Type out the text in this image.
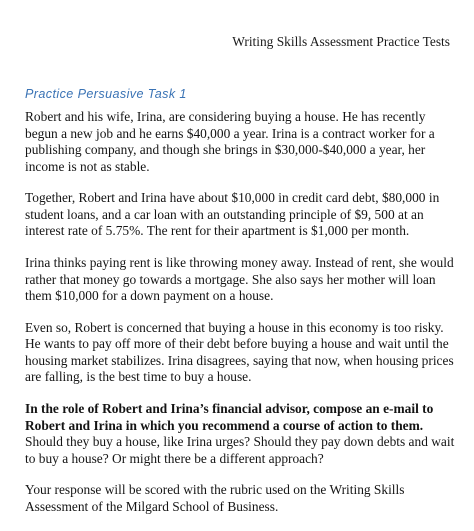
Writing Skills Assessment Practice Tests
Practice Persuasive Task 1

Robert and his wife, Irina, are considering buying a house. He has recently begun a new job and he earns $40,000 a year. Irina is a contract worker for a publishing company, and though she brings in $30,000-$40,000 a year, her income is not as stable.

Together, Robert and Irina have about $10,000 in credit card debt, $80,000 in student loans, and a car loan with an outstanding principle of $9, 500 at an interest rate of 5.75%. The rent for their apartment is $1,000 per month.

Irina thinks paying rent is like throwing money away. Instead of rent, she would rather that money go towards a mortgage. She also says her mother will loan them $10,000 for a down payment on a house.

Even so, Robert is concerned that buying a house in this economy is too risky. He wants to pay off more of their debt before buying a house and wait until the housing market stabilizes. Irina disagrees, saying that now, when housing prices are falling, is the best time to buy a house.

In the role of Robert and Irina’s financial advisor, compose an e-mail to Robert and Irina in which you recommend a course of action to them. Should they buy a house, like Irina urges? Should they pay down debts and wait to buy a house? Or might there be a different approach?

Your response will be scored with the rubric used on the Writing Skills Assessment of the Milgard School of Business.
